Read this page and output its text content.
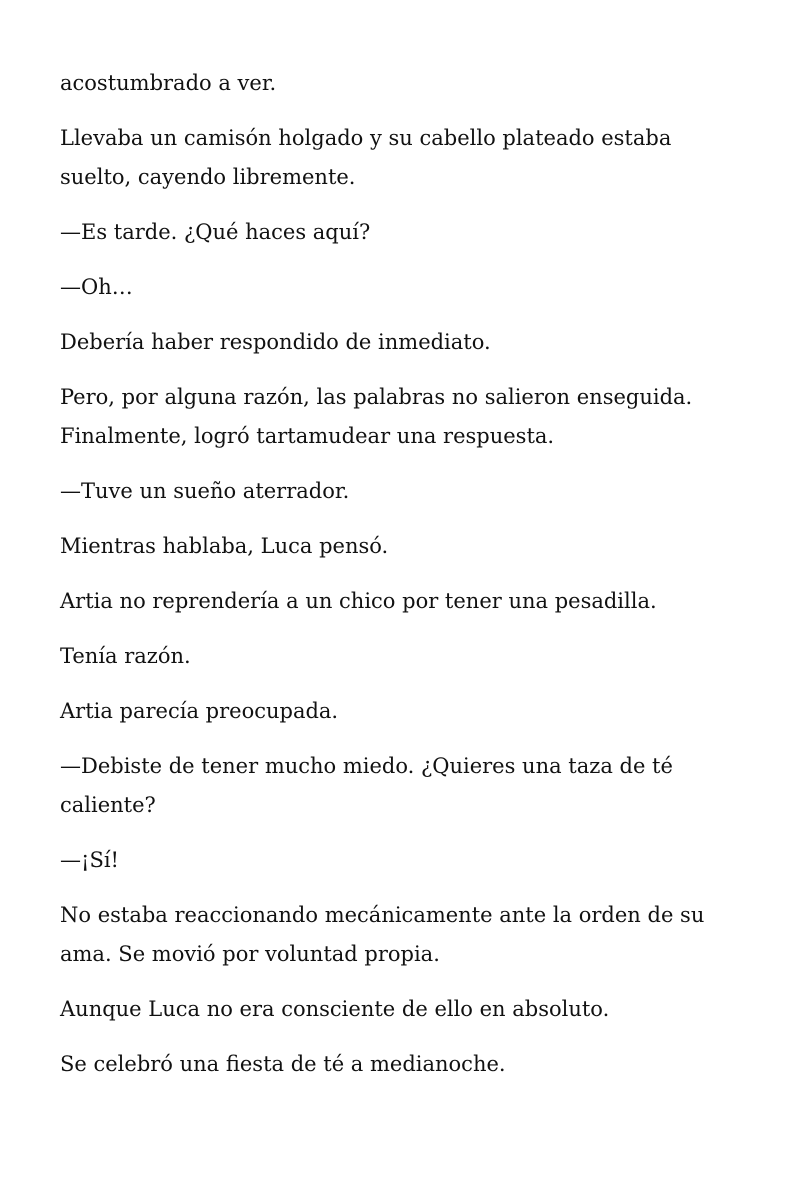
acostumbrado a ver.

Llevaba un camisón holgado y su cabello plateado estaba suelto, cayendo libremente.

—Es tarde. ¿Qué haces aquí?

—Oh…

Debería haber respondido de inmediato.

Pero, por alguna razón, las palabras no salieron enseguida. Finalmente, logró tartamudear una respuesta.

—Tuve un sueño aterrador.

Mientras hablaba, Luca pensó.

Artia no reprendería a un chico por tener una pesadilla.

Tenía razón.

Artia parecía preocupada.

—Debiste de tener mucho miedo. ¿Quieres una taza de té caliente?

—¡Sí!

No estaba reaccionando mecánicamente ante la orden de su ama. Se movió por voluntad propia.

Aunque Luca no era consciente de ello en absoluto.

Se celebró una fiesta de té a medianoche.
